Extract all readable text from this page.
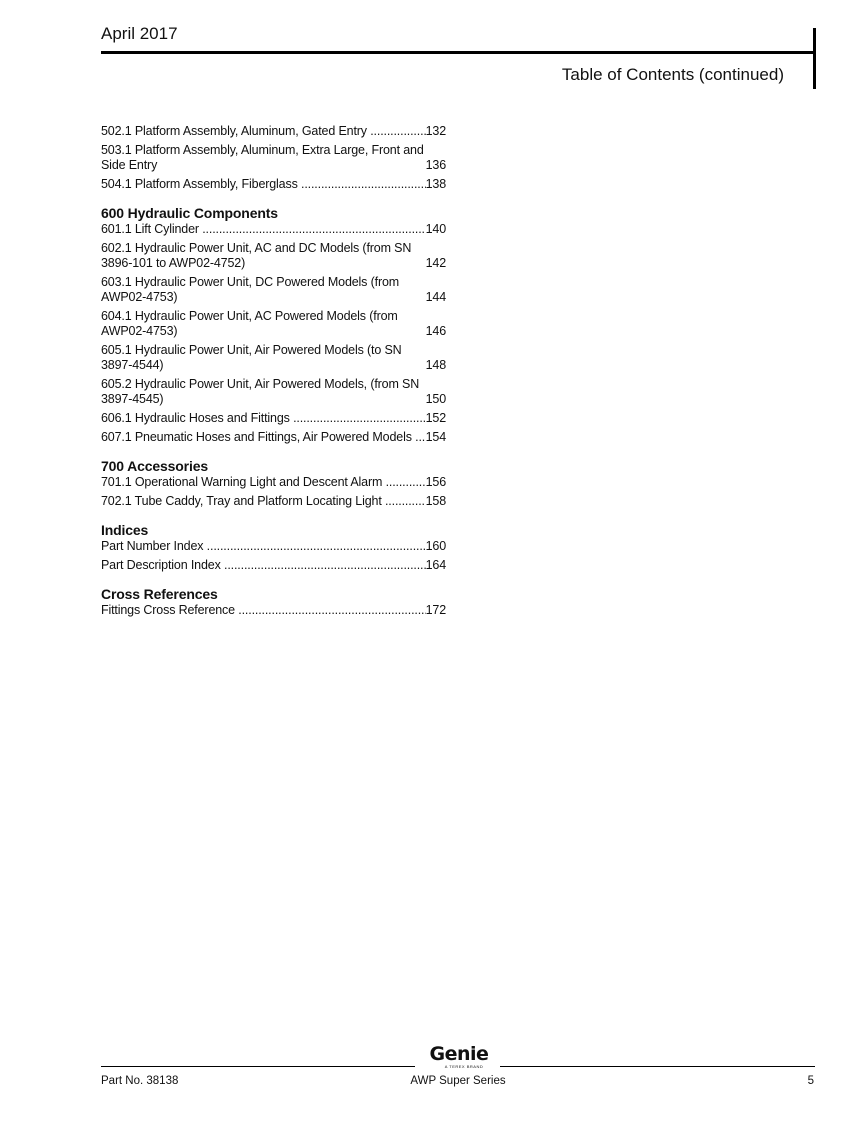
April 2017
Table of Contents (continued)
502.1 Platform Assembly, Aluminum, Gated Entry .....	132
503.1 Platform Assembly, Aluminum, Extra Large, Front and Side Entry .....	136
504.1 Platform Assembly, Fiberglass .....	138
600 Hydraulic Components
601.1 Lift Cylinder .....	140
602.1 Hydraulic Power Unit, AC and DC Models (from SN 3896-101 to AWP02-4752) .....	142
603.1 Hydraulic Power Unit, DC Powered Models (from AWP02-4753) .....	144
604.1 Hydraulic Power Unit, AC Powered Models (from AWP02-4753) .....	146
605.1 Hydraulic Power Unit, Air Powered Models (to SN 3897-4544) .....	148
605.2 Hydraulic Power Unit, Air Powered Models, (from SN 3897-4545) .....	150
606.1 Hydraulic Hoses and Fittings .....	152
607.1 Pneumatic Hoses and Fittings, Air Powered Models .....	154
700 Accessories
701.1 Operational Warning Light and Descent Alarm .....	156
702.1 Tube Caddy, Tray and Platform Locating Light .....	158
Indices
Part Number Index .....	160
Part Description Index .....	164
Cross References
Fittings Cross Reference .....	172
Genie
A TEREX BRAND
Part No. 38138	AWP Super Series	5
